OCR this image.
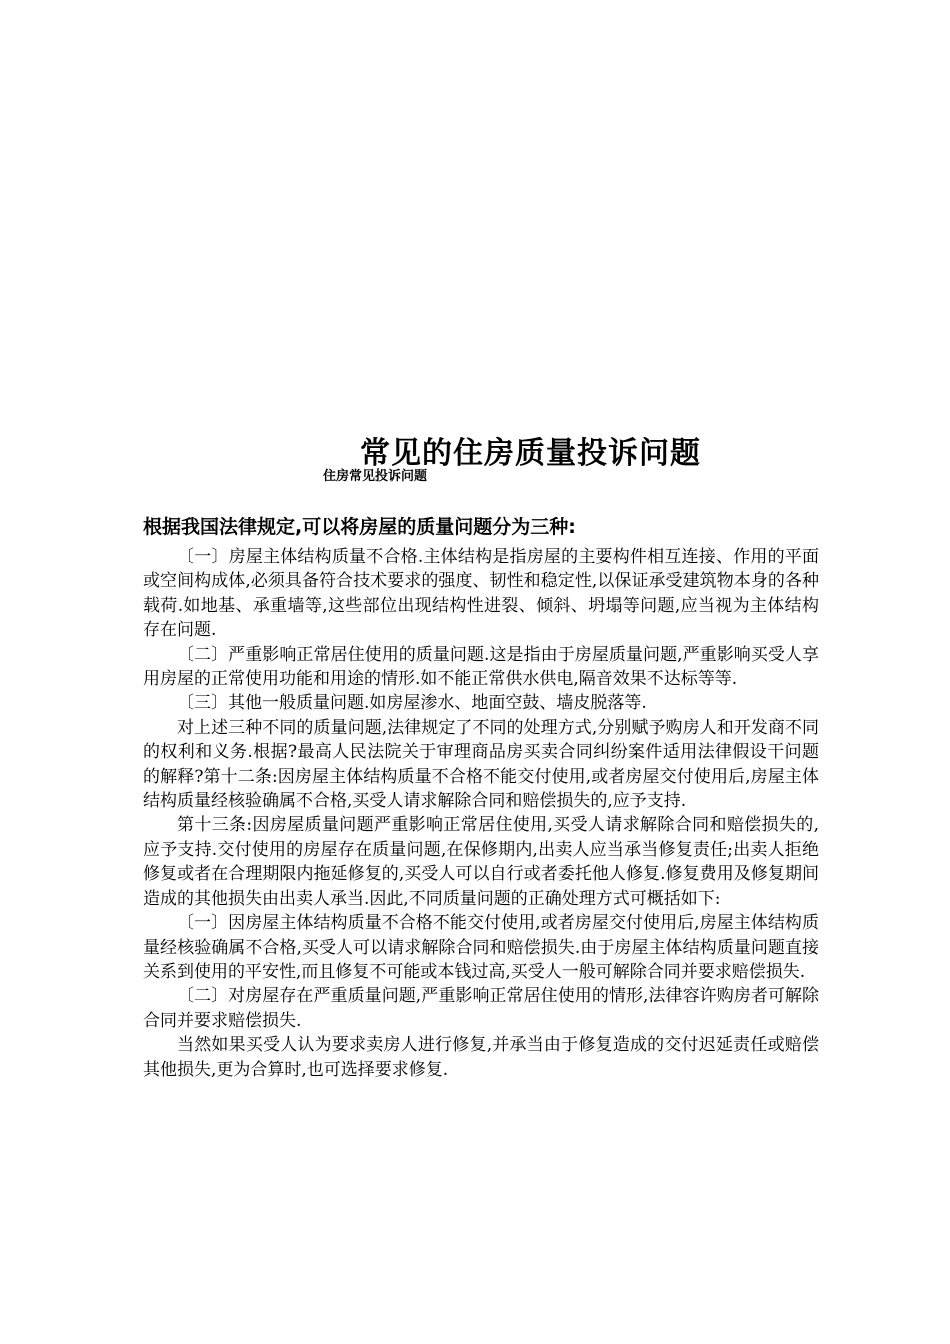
常见的住房质量投诉问题
住房常见投诉问题
根据我国法律规定,可以将房屋的质量问题分为三种:

〔一〕房屋主体结构质量不合格.主体结构是指房屋的主要构件相互连接、作用的平面或空间构成体,必须具备符合技术要求的强度、韧性和稳定性,以保证承受建筑物本身的各种载荷.如地基、承重墙等,这些部位出现结构性进裂、倾斜、坍塌等问题,应当视为主体结构存在问题.

〔二〕严重影响正常居住使用的质量问题.这是指由于房屋质量问题,严重影响买受人享用房屋的正常使用功能和用途的情形.如不能正常供水供电,隔音效果不达标等等.

〔三〕其他一般质量问题.如房屋渗水、地面空鼓、墙皮脱落等.

对上述三种不同的质量问题,法律规定了不同的处理方式,分别赋予购房人和开发商不同的权利和义务.根据?最高人民法院关于审理商品房买卖合同纠纷案件适用法律假设干问题的解释?第十二条:因房屋主体结构质量不合格不能交付使用,或者房屋交付使用后,房屋主体结构质量经核验确属不合格,买受人请求解除合同和赔偿损失的,应予支持.

第十三条:因房屋质量问题严重影响正常居住使用,买受人请求解除合同和赔偿损失的,应予支持.交付使用的房屋存在质量问题,在保修期内,出卖人应当承当修复责任;出卖人拒绝修复或者在合理期限内拖延修复的,买受人可以自行或者委托他人修复.修复费用及修复期间造成的其他损失由出卖人承当.因此,不同质量问题的正确处理方式可概括如下:

〔一〕因房屋主体结构质量不合格不能交付使用,或者房屋交付使用后,房屋主体结构质量经核验确属不合格,买受人可以请求解除合同和赔偿损失.由于房屋主体结构质量问题直接关系到使用的平安性,而且修复不可能或本钱过高,买受人一般可解除合同并要求赔偿损失.

〔二〕对房屋存在严重质量问题,严重影响正常居住使用的情形,法律容许购房者可解除合同并要求赔偿损失.

当然如果买受人认为要求卖房人进行修复,并承当由于修复造成的交付迟延责任或赔偿其他损失,更为合算时,也可选择要求修复.
